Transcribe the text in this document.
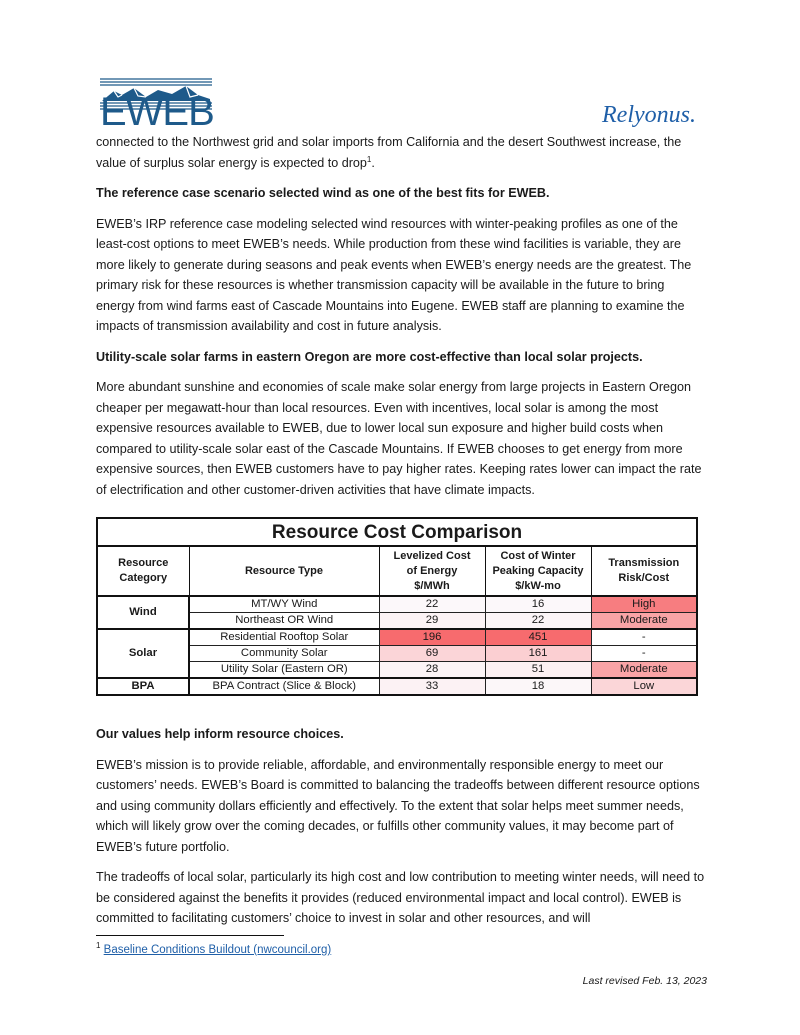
EWEB	Relyonus.

connected to the Northwest grid and solar imports from California and the desert Southwest increase, the value of surplus solar energy is expected to drop$^1$.

The reference case scenario selected wind as one of the best fits for EWEB.

EWEB’s IRP reference case modeling selected wind resources with winter-peaking profiles as one of the least-cost options to meet EWEB’s needs. While production from these wind facilities is variable, they are more likely to generate during seasons and peak events when EWEB’s energy needs are the greatest. The primary risk for these resources is whether transmission capacity will be available in the future to bring energy from wind farms east of Cascade Mountains into Eugene. EWEB staff are planning to examine the impacts of transmission availability and cost in future analysis.

Utility-scale solar farms in eastern Oregon are more cost-effective than local solar projects.

More abundant sunshine and economies of scale make solar energy from large projects in Eastern Oregon cheaper per megawatt-hour than local resources. Even with incentives, local solar is among the most expensive resources available to EWEB, due to lower local sun exposure and higher build costs when compared to utility-scale solar east of the Cascade Mountains. If EWEB chooses to get energy from more expensive sources, then EWEB customers have to pay higher rates. Keeping rates lower can impact the rate of electrification and other customer-driven activities that have climate impacts.

Resource Cost Comparison				
Resource
Category	Resource Type	Levelized Cost
of Energy
$/MWh	Cost of Winter
Peaking Capacity
$/kW-mo	Transmission
Risk/Cost
Wind	MT/WY Wind	22	16	High
	Northeast OR Wind	29	22	Moderate
Solar	Residential Rooftop Solar	196	451	-
	Community Solar	69	161	-
	Utility Solar (Eastern OR)	28	51	Moderate
BPA	BPA Contract (Slice & Block)	33	18	Low
Our values help inform resource choices.

EWEB’s mission is to provide reliable, affordable, and environmentally responsible energy to meet our customers’ needs. EWEB’s Board is committed to balancing the tradeoffs between different resource options and using community dollars efficiently and effectively. To the extent that solar helps meet summer needs, which will likely grow over the coming decades, or fulfills other community values, it may become part of EWEB’s future portfolio.

The tradeoffs of local solar, particularly its high cost and low contribution to meeting winter needs, will need to be considered against the benefits it provides (reduced environmental impact and local control). EWEB is committed to facilitating customers’ choice to invest in solar and other resources, and will

$^1$ Baseline Conditions Buildout (nwcouncil.org)
Last revised Feb. 13, 2023
